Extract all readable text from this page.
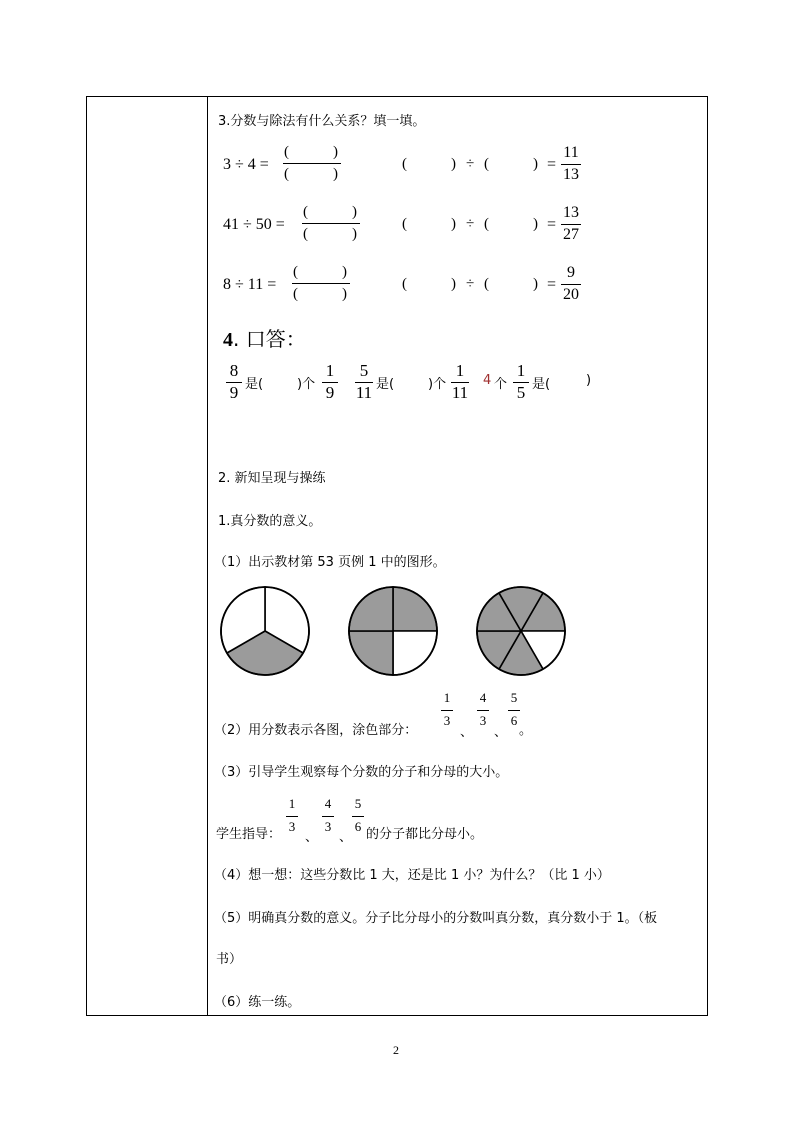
3.分数与除法有什么关系？填一填。
3 ÷ 4 =
(	)
(	)
(	) ÷ (	) =
11
13
41 ÷ 50 =
(	)
(	)
(	) ÷ (	) =
13
27
8 ÷ 11 =
(	)
(	)
(	) ÷ (	) =
9
20
4. 口答：
8
9 是(	)个
1
9
5
11 是(	)个
1
11
4 个
1
5 是(	)
2. 新知呈现与操练
1.真分数的意义。
（1）出示教材第 53 页例 1 中的图形。
（2）用分数表示各图，涂色部分：
1
3
、
4
3
、
5
6
。
（3）引导学生观察每个分数的分子和分母的大小。
学生指导：
1
3
、
4
3
、
5
6
的分子都比分母小。
（4）想一想：这些分数比 1 大，还是比 1 小？为什么？（比 1 小）
（5）明确真分数的意义。分子比分母小的分数叫真分数，真分数小于 1。（板
书）
（6）练一练。
2
